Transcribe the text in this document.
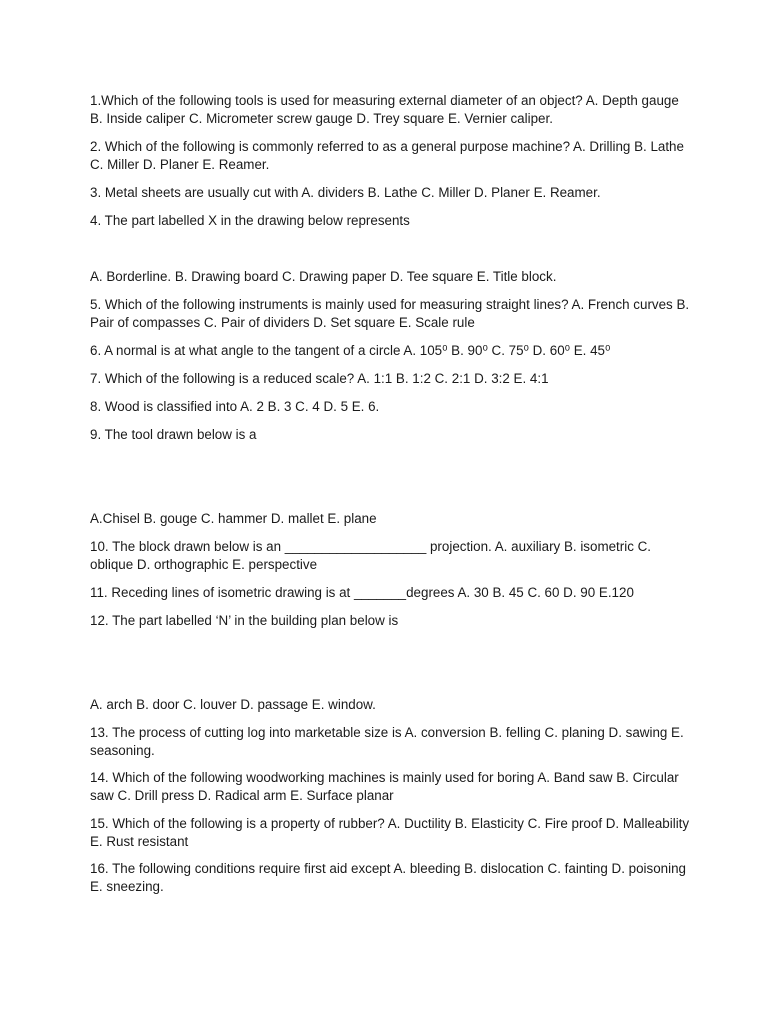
1.Which of the following tools is used for measuring external diameter of an object? A. Depth gauge B. Inside caliper C. Micrometer screw gauge D. Trey square E. Vernier caliper.

2. Which of the following is commonly referred to as a general purpose machine? A. Drilling B. Lathe C. Miller D. Planer E. Reamer.

3. Metal sheets are usually cut with A. dividers B. Lathe C. Miller D. Planer E. Reamer.

4. The part labelled X in the drawing below represents

A. Borderline. B. Drawing board C. Drawing paper D. Tee square E. Title block.

5. Which of the following instruments is mainly used for measuring straight lines? A. French curves B. Pair of compasses C. Pair of dividers D. Set square E. Scale rule

6. A normal is at what angle to the tangent of a circle A. 105⁰ B. 90⁰ C. 75⁰ D. 60⁰ E. 45⁰

7. Which of the following is a reduced scale? A. 1:1 B. 1:2 C. 2:1 D. 3:2 E. 4:1

8. Wood is classified into A. 2 B. 3 C. 4 D. 5 E. 6.

9. The tool drawn below is a

A.Chisel B. gouge C. hammer D. mallet E. plane

10. The block drawn below is an ___________________ projection. A. auxiliary B. isometric C. oblique D. orthographic E. perspective

11. Receding lines of isometric drawing is at _______degrees A. 30 B. 45 C. 60 D. 90 E.120

12. The part labelled ‘N’ in the building plan below is

A. arch B. door C. louver D. passage E. window.

13. The process of cutting log into marketable size is A. conversion B. felling C. planing D. sawing E. seasoning.

14. Which of the following woodworking machines is mainly used for boring A. Band saw B. Circular saw C. Drill press D. Radical arm E. Surface planar

15. Which of the following is a property of rubber? A. Ductility B. Elasticity C. Fire proof D. Malleability E. Rust resistant

16. The following conditions require first aid except A. bleeding B. dislocation C. fainting D. poisoning E. sneezing.
